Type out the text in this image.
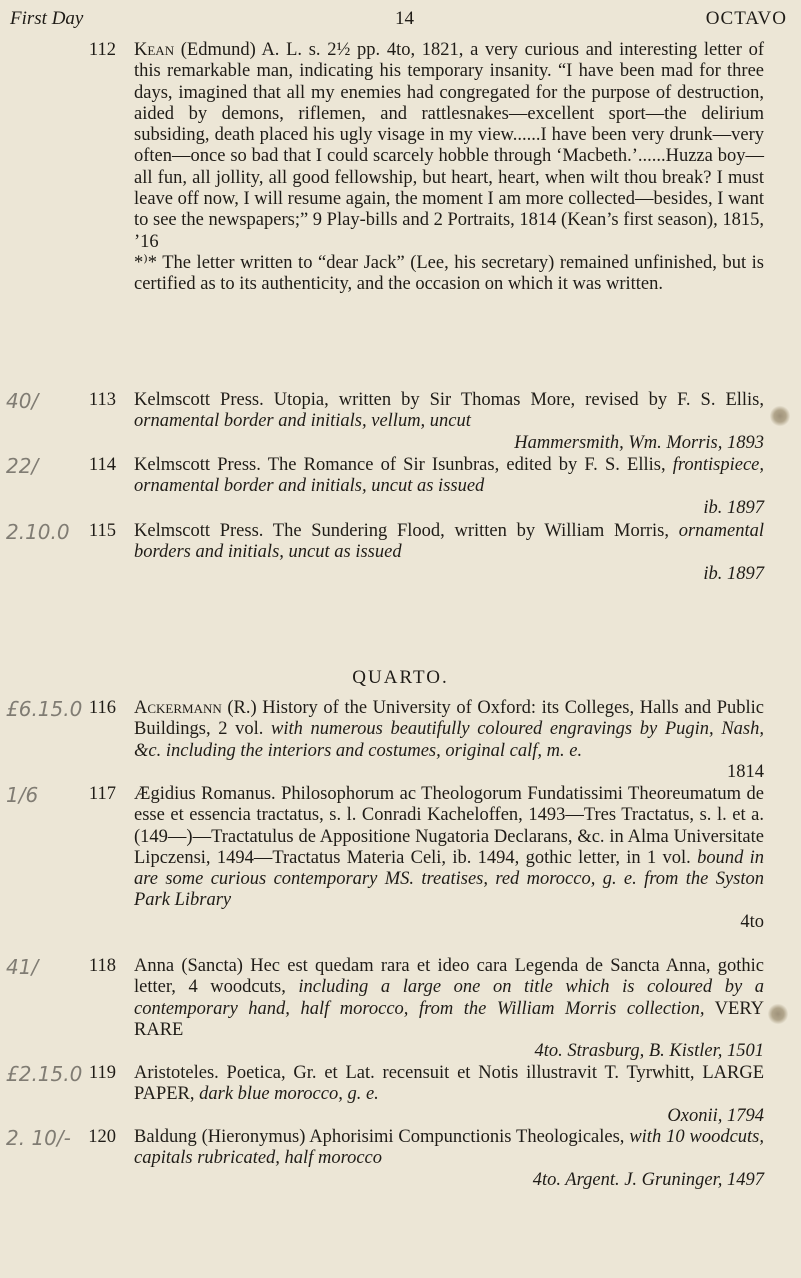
First Day	14	OCTAVO
112 Kean (Edmund) A. L. s. 2½ pp. 4to, 1821, a very curious and interesting letter of this remarkable man, indicating his temporary insanity. “I have been mad for three days, imagined that all my enemies had congregated for the purpose of destruction, aided by demons, riflemen, and rattlesnakes—excellent sport—the delirium subsiding, death placed his ugly visage in my view......I have been very drunk—very often—once so bad that I could scarcely hobble through ‘Macbeth.’......Huzza boy—all fun, all jollity, all good fellowship, but heart, heart, when wilt thou break? I must leave off now, I will resume again, the moment I am more collected—besides, I want to see the newspapers;” 9 Play-bills and 2 Portraits, 1814 (Kean’s first season), 1815, ’16
*⁾* The letter written to “dear Jack” (Lee, his secretary) remained unfinished, but is certified as to its authenticity, and the occasion on which it was written.
40/	113 Kelmscott Press. Utopia, written by Sir Thomas More, revised by F. S. Ellis, ornamental border and initials, vellum, uncut
Hammersmith, Wm. Morris, 1893
22/	114 Kelmscott Press. The Romance of Sir Isunbras, edited by F. S. Ellis, frontispiece, ornamental border and initials, uncut as issued
ib. 1897
2.10.0	115 Kelmscott Press. The Sundering Flood, written by William Morris, ornamental borders and initials, uncut as issued
ib. 1897
QUARTO.
£6.15.0 116 Ackermann (R.) History of the University of Oxford: its Colleges, Halls and Public Buildings, 2 vol. with numerous beautifully coloured engravings by Pugin, Nash, &c. including the interiors and costumes, original calf, m. e.
1814
1/6	117 Ægidius Romanus. Philosophorum ac Theologorum Fundatissimi Theoreumatum de esse et essencia tractatus, s. l. Conradi Kacheloffen, 1493—Tres Tractatus, s. l. et a. (149—)—Tractatulus de Appositione Nugatoria Declarans, &c. in Alma Universitate Lipczensi, 1494—Tractatus Materia Celi, ib. 1494, gothic letter, in 1 vol. bound in are some curious contemporary MS. treatises, red morocco, g. e. from the Syston Park Library
4to
41/	118 Anna (Sancta) Hec est quedam rara et ideo cara Legenda de Sancta Anna, gothic letter, 4 woodcuts, including a large one on title which is coloured by a contemporary hand, half morocco, from the William Morris collection, VERY RARE
4to. Strasburg, B. Kistler, 1501
£2.15.0 119 Aristoteles. Poetica, Gr. et Lat. recensuit et Notis illustravit T. Tyrwhitt, LARGE PAPER, dark blue morocco, g. e.
Oxonii, 1794
2. 10/- 120 Baldung (Hieronymus) Aphorisimi Compunctionis Theologicales, with 10 woodcuts, capitals rubricated, half morocco
4to. Argent. J. Gruninger, 1497
